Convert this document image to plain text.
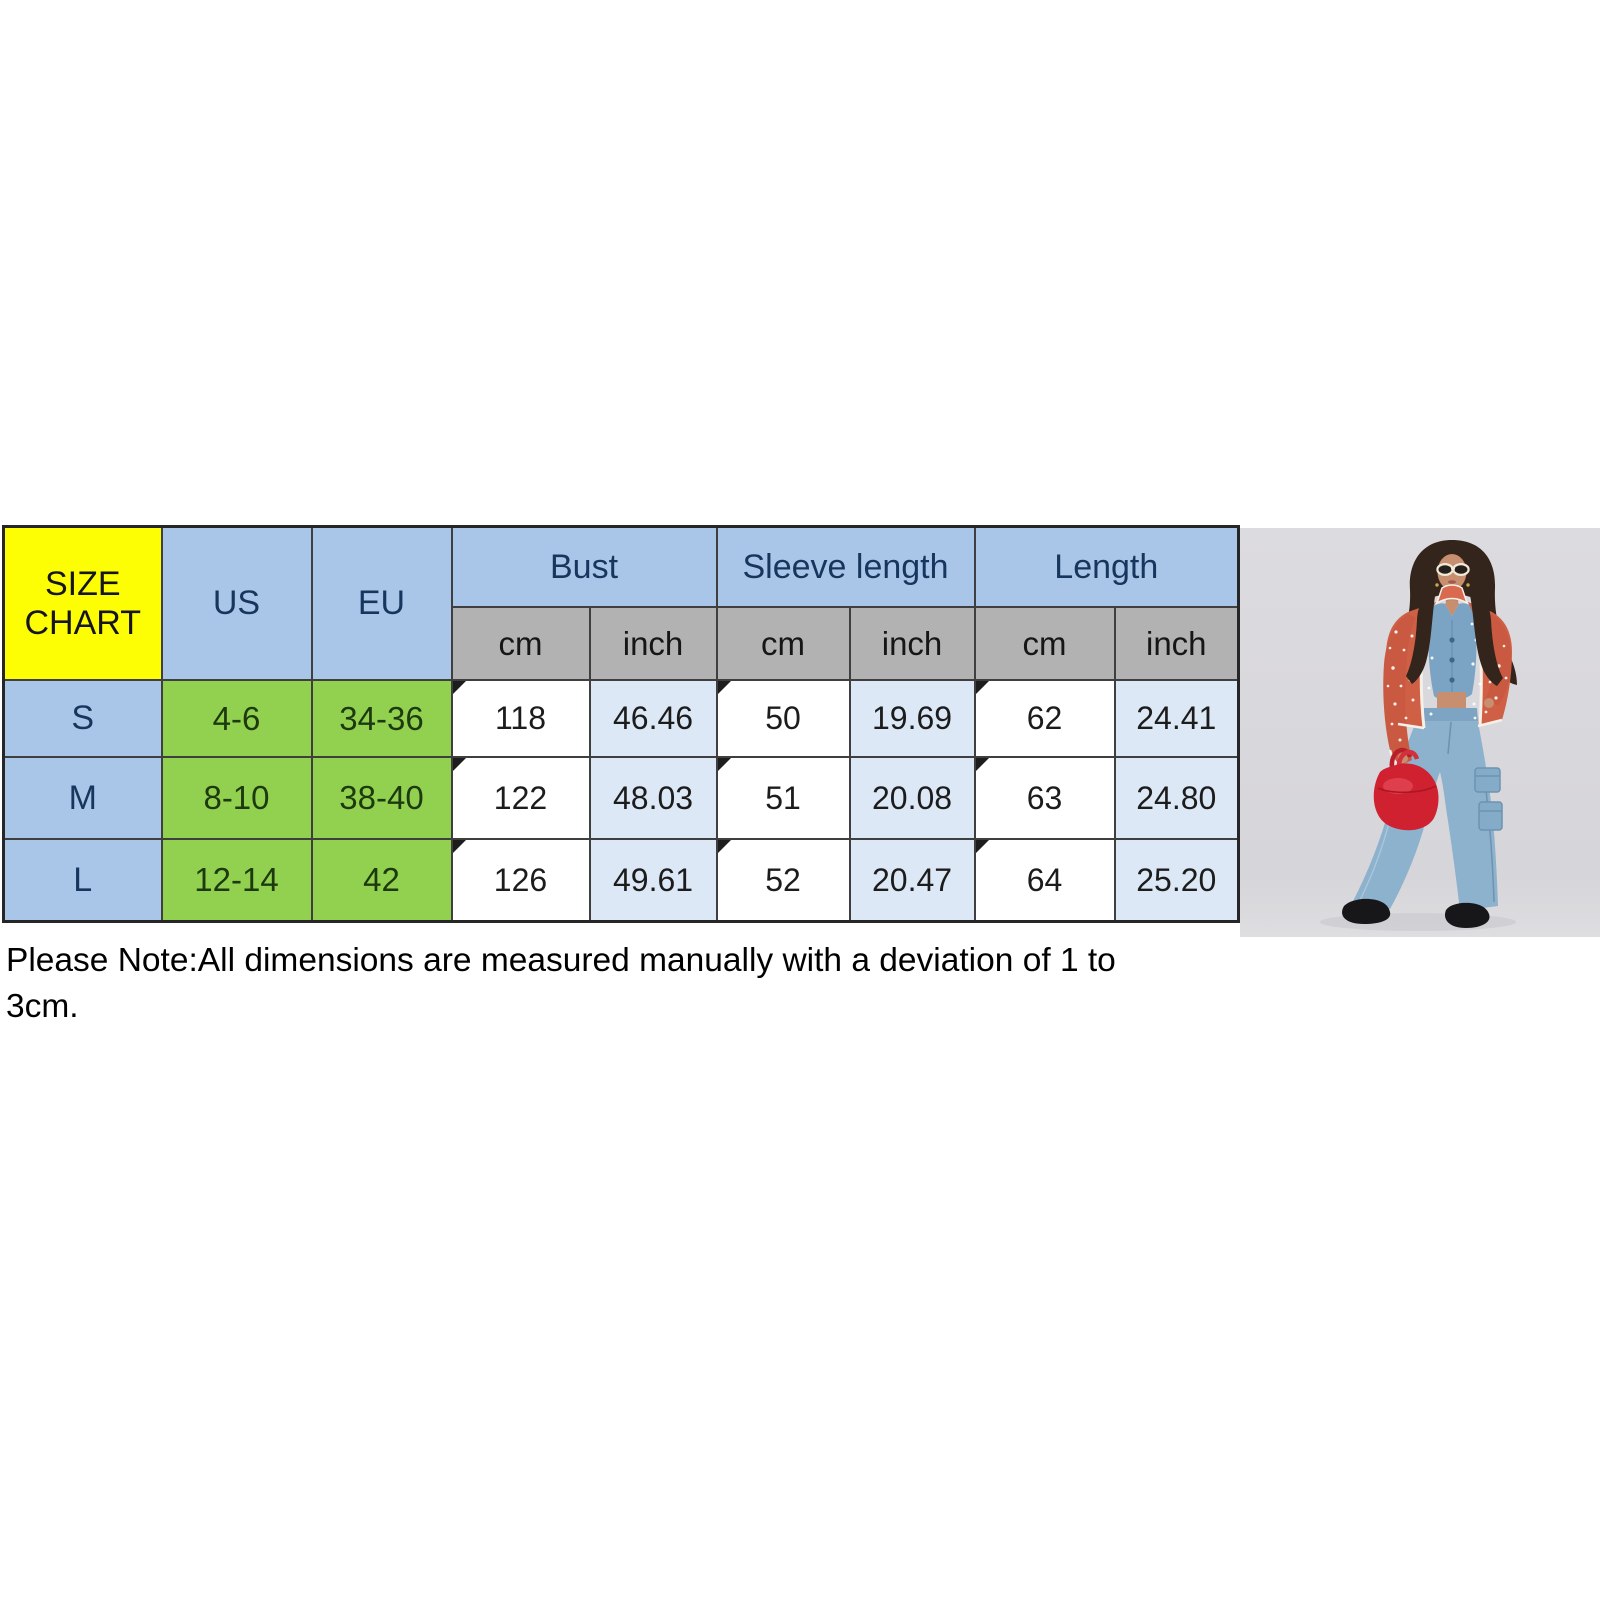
SIZE CHART	US	EU	Bust		Sleeve length		Length	
			cm	inch	cm	inch	cm	inch
S	4-6	34-36	118	46.46	50	19.69	62	24.41
M	8-10	38-40	122	48.03	51	20.08	63	24.80
L	12-14	42	126	49.61	52	20.47	64	25.20
Please Note:All dimensions are measured manually with a deviation of 1 to 3cm.
